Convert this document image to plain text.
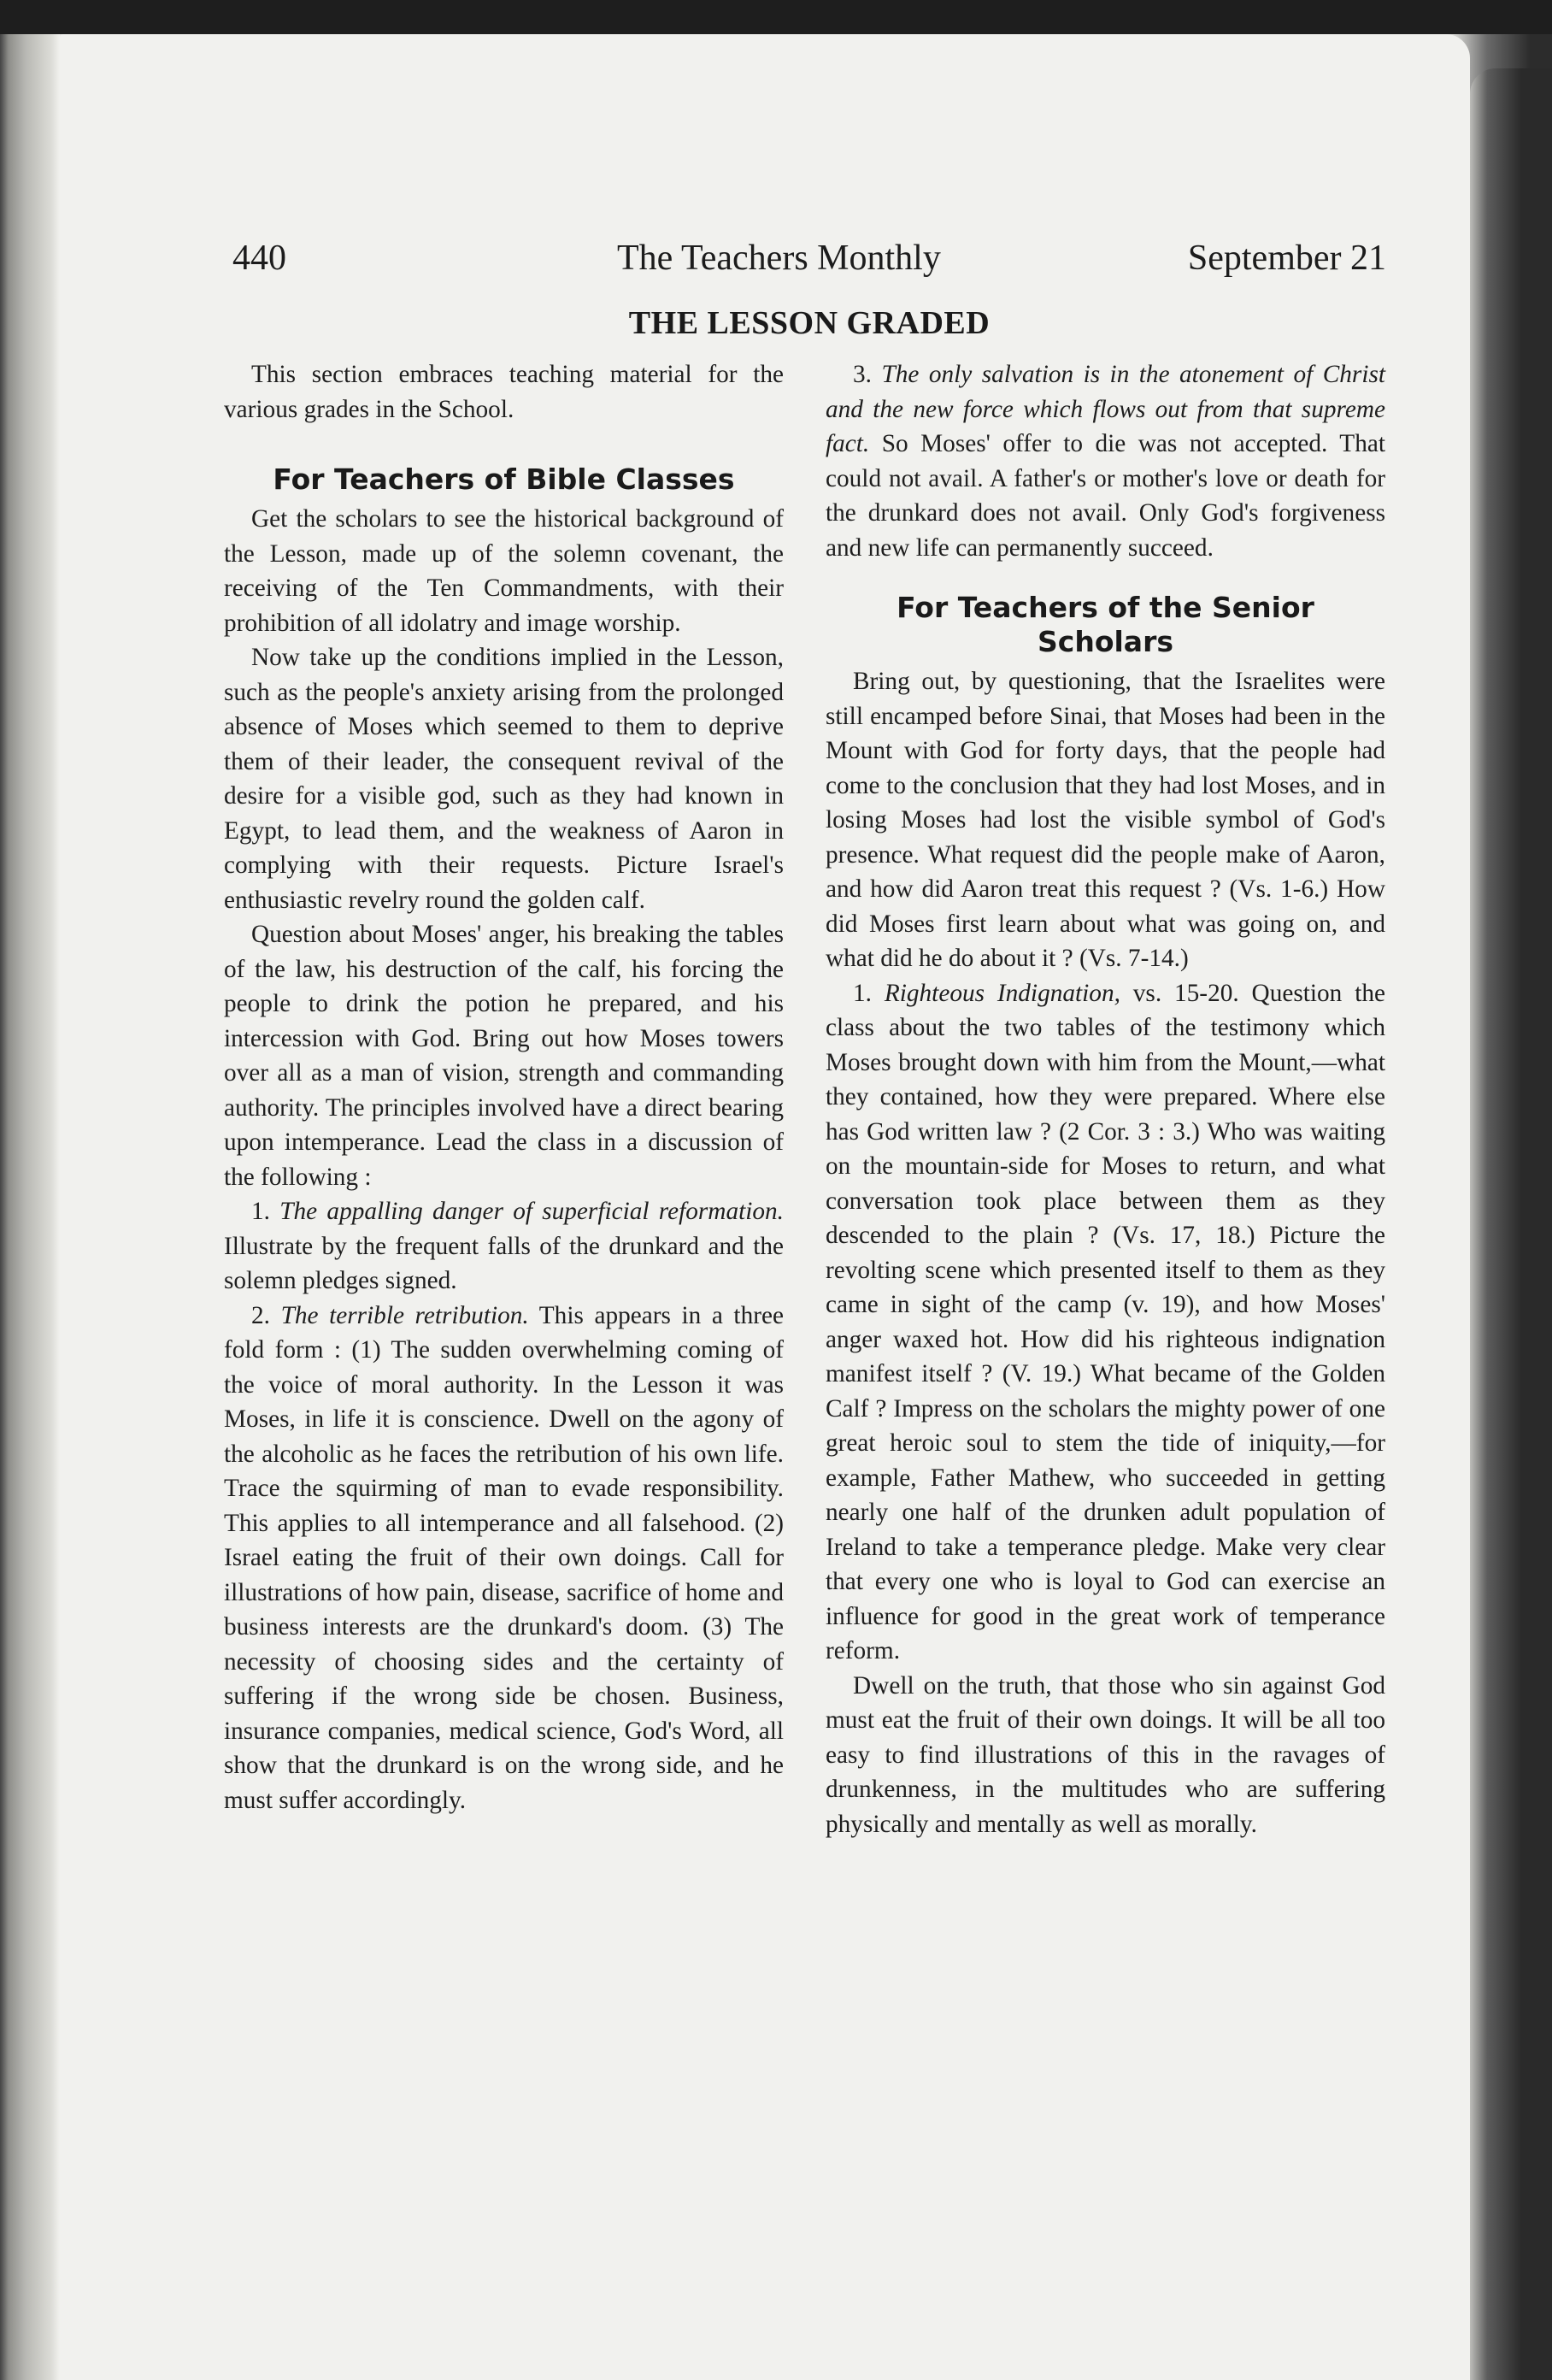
440	The Teachers Monthly	September 21
THE LESSON GRADED

This section embraces teaching material for the various grades in the School.

For Teachers of Bible Classes

Get the scholars to see the historical background of the Lesson, made up of the solemn covenant, the receiving of the Ten Commandments, with their prohibition of all idolatry and image worship.

Now take up the conditions implied in the Lesson, such as the people's anxiety arising from the prolonged absence of Moses which seemed to them to deprive them of their leader, the consequent revival of the desire for a visible god, such as they had known in Egypt, to lead them, and the weakness of Aaron in complying with their requests. Picture Israel's enthusiastic revelry round the golden calf.

Question about Moses' anger, his breaking the tables of the law, his destruction of the calf, his forcing the people to drink the potion he prepared, and his intercession with God. Bring out how Moses towers over all as a man of vision, strength and commanding authority. The principles involved have a direct bearing upon intemperance. Lead the class in a discussion of the following :

1. The appalling danger of superficial reformation. Illustrate by the frequent falls of the drunkard and the solemn pledges signed.

2. The terrible retribution. This appears in a three fold form : (1) The sudden overwhelming coming of the voice of moral authority. In the Lesson it was Moses, in life it is conscience. Dwell on the agony of the alcoholic as he faces the retribution of his own life. Trace the squirming of man to evade responsibility. This applies to all intemperance and all falsehood. (2) Israel eating the fruit of their own doings. Call for illustrations of how pain, disease, sacrifice of home and business interests are the drunkard's doom. (3) The necessity of choosing sides and the certainty of suffering if the wrong side be chosen. Business, insurance companies, medical science, God's Word, all show that the drunkard is on the wrong side, and he must suffer accordingly.

3. The only salvation is in the atonement of Christ and the new force which flows out from that supreme fact. So Moses' offer to die was not accepted. That could not avail. A father's or mother's love or death for the drunkard does not avail. Only God's forgiveness and new life can permanently succeed.

For Teachers of the Senior Scholars

Bring out, by questioning, that the Israelites were still encamped before Sinai, that Moses had been in the Mount with God for forty days, that the people had come to the conclusion that they had lost Moses, and in losing Moses had lost the visible symbol of God's presence. What request did the people make of Aaron, and how did Aaron treat this request ? (Vs. 1-6.) How did Moses first learn about what was going on, and what did he do about it ? (Vs. 7-14.)

1. Righteous Indignation, vs. 15-20. Question the class about the two tables of the testimony which Moses brought down with him from the Mount,—what they contained, how they were prepared. Where else has God written law ? (2 Cor. 3 : 3.) Who was waiting on the mountain-side for Moses to return, and what conversation took place between them as they descended to the plain ? (Vs. 17, 18.) Picture the revolting scene which presented itself to them as they came in sight of the camp (v. 19), and how Moses' anger waxed hot. How did his righteous indignation manifest itself ? (V. 19.) What became of the Golden Calf ? Impress on the scholars the mighty power of one great heroic soul to stem the tide of iniquity,—for example, Father Mathew, who succeeded in getting nearly one half of the drunken adult population of Ireland to take a temperance pledge. Make very clear that every one who is loyal to God can exercise an influence for good in the great work of temperance reform.

Dwell on the truth, that those who sin against God must eat the fruit of their own doings. It will be all too easy to find illustrations of this in the ravages of drunkenness, in the multitudes who are suffering physically and mentally as well as morally.
